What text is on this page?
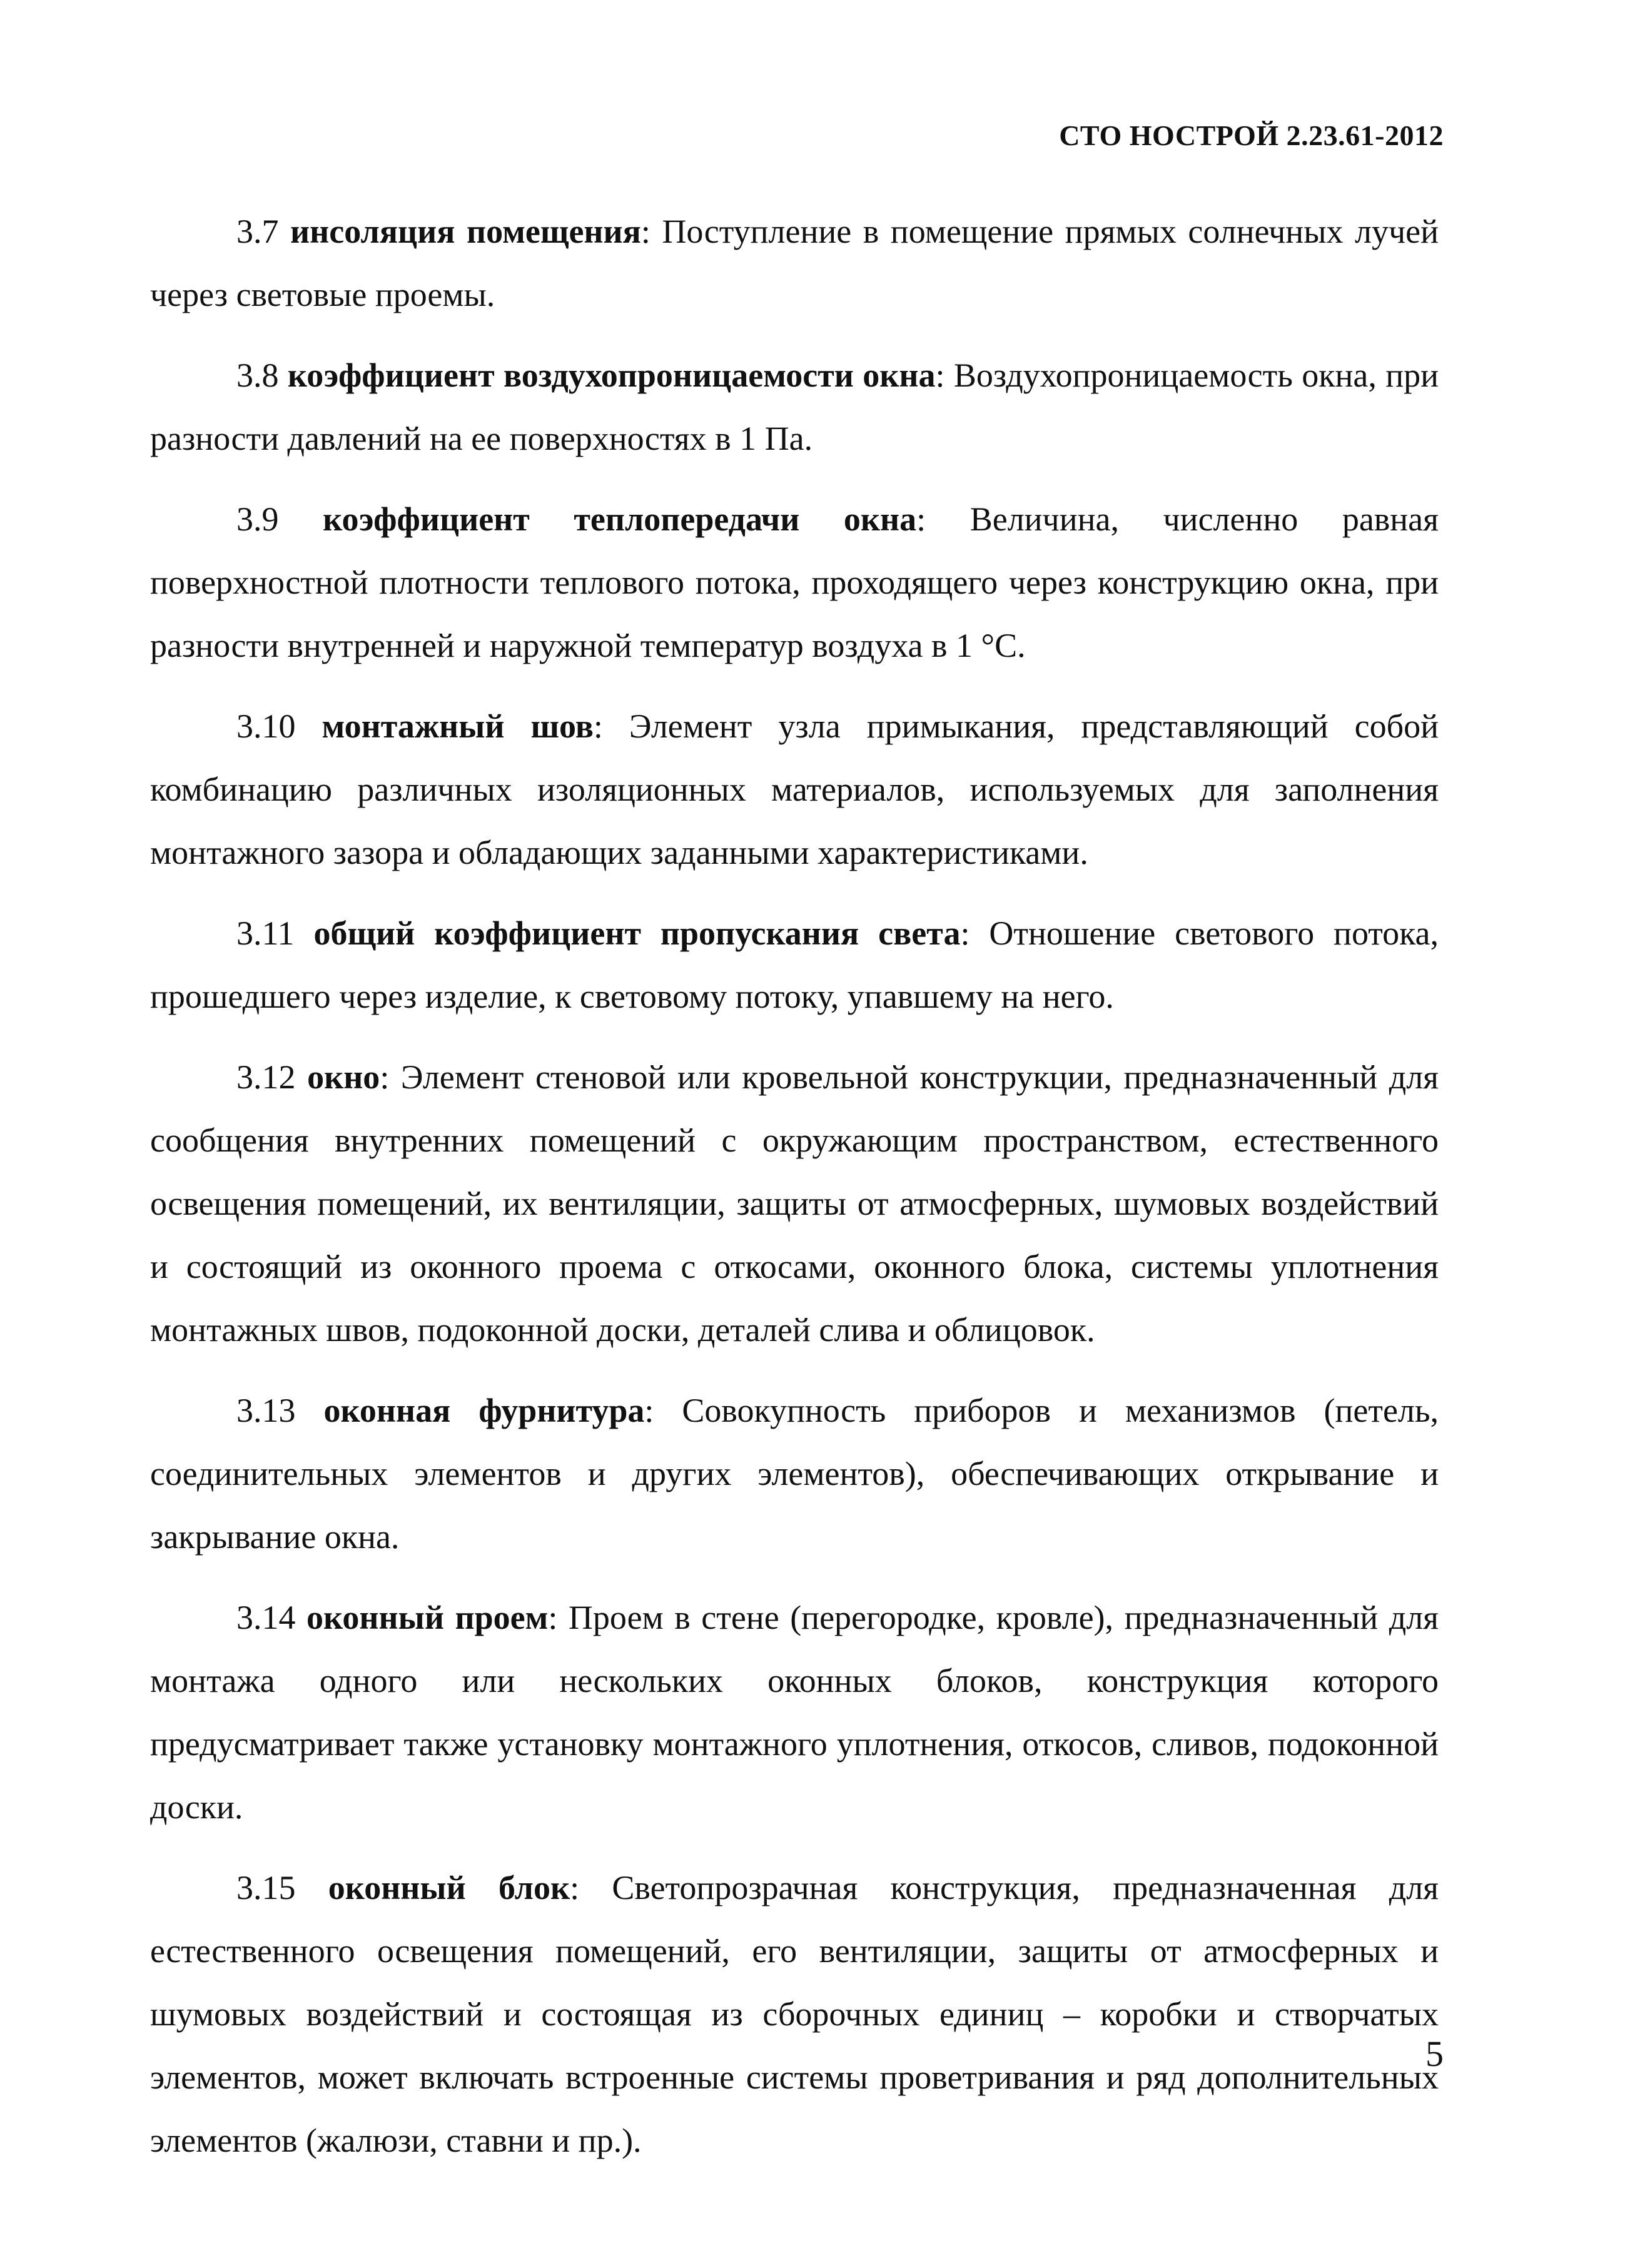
СТО НОСТРОЙ 2.23.61-2012

3.7 инсоляция помещения: Поступление в помещение прямых солнечных лучей через световые проемы.

3.8 коэффициент воздухопроницаемости окна: Воздухопроницаемость окна, при разности давлений на ее поверхностях в 1 Па.

3.9 коэффициент теплопередачи окна: Величина, численно равная поверхностной плотности теплового потока, проходящего через конструкцию окна, при разности внутренней и наружной температур воздуха в 1 °С.

3.10 монтажный шов: Элемент узла примыкания, представляющий собой комбинацию различных изоляционных материалов, используемых для заполнения монтажного зазора и обладающих заданными характеристиками.

3.11 общий коэффициент пропускания света: Отношение светового потока, прошедшего через изделие, к световому потоку, упавшему на него.

3.12 окно: Элемент стеновой или кровельной конструкции, предназначенный для сообщения внутренних помещений с окружающим пространством, естественного освещения помещений, их вентиляции, защиты от атмосферных, шумовых воздействий и состоящий из оконного проема с откосами, оконного блока, системы уплотнения монтажных швов, подоконной доски, деталей слива и облицовок.

3.13 оконная фурнитура: Совокупность приборов и механизмов (петель, соединительных элементов и других элементов), обеспечивающих открывание и закрывание окна.

3.14 оконный проем: Проем в стене (перегородке, кровле), предназначенный для монтажа одного или нескольких оконных блоков, конструкция которого предусматривает также установку монтажного уплотнения, откосов, сливов, подоконной доски.

3.15 оконный блок: Светопрозрачная конструкция, предназначенная для естественного освещения помещений, его вентиляции, защиты от атмосферных и шумовых воздействий и состоящая из сборочных единиц – коробки и створчатых элементов, может включать встроенные системы проветривания и ряд дополнительных элементов (жалюзи, ставни и пр.).

5
